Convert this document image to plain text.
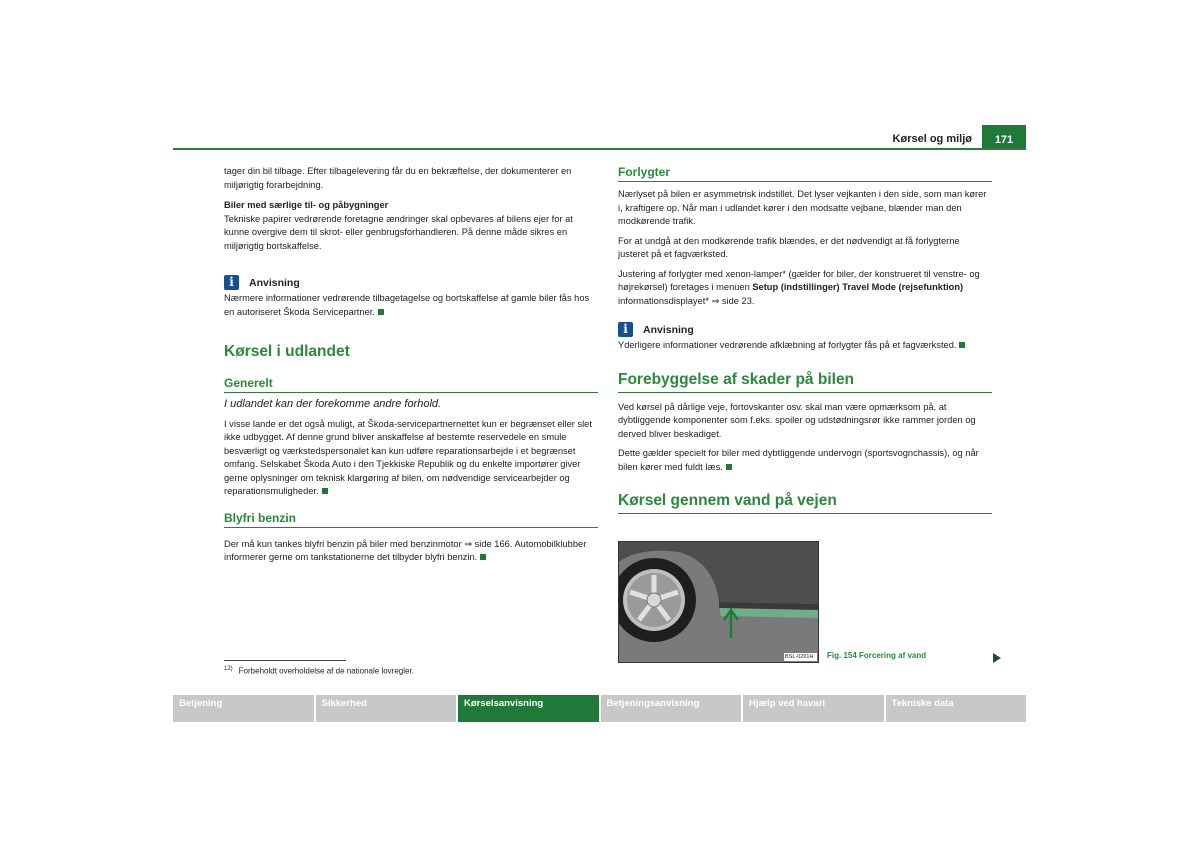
Kørsel og miljø	171

tager din bil tilbage. Efter tilbagelevering får du en bekræftelse, der dokumenterer en miljørigtig forarbejdning.

Biler med særlige til- og påbygninger

Tekniske papirer vedrørende foretagne ændringer skal opbevares af bilens ejer for at kunne overgive dem til skrot- eller genbrugsforhandleren. På denne måde sikres en miljørigtig bortskaffelse.

i	Anvisning

Nærmere informationer vedrørende tilbagetagelse og bortskaffelse af gamle biler fås hos en autoriseret Škoda Servicepartner.

Kørsel i udlandet
Generelt

I udlandet kan der forekomme andre forhold.

I visse lande er det også muligt, at Škoda-servicepartnernettet kun er begrænset eller slet ikke udbygget. Af denne grund bliver anskaffelse af bestemte reservedele en smule besværligt og værkstedspersonalet kan kun udføre reparationsarbejde i et begrænset omfang. Selskabet Škoda Auto i den Tjekkiske Republik og du enkelte importører giver gerne oplysninger om teknisk klargøring af bilen, om nødvendige servicearbejder og reparationsmuligheder.

Blyfri benzin

Der må kun tankes blyfri benzin på biler med benzinmotor ⇒ side 166. Automobilklubber informerer gerne om tankstationerne det tilbyder blyfri benzin.

Forlygter

Nærlyset på bilen er asymmetrisk indstillet. Det lyser vejkanten i den side, som man kører i, kraftigere op. Når man i udlandet kører i den modsatte vejbane, blænder man den modkørende trafik.

For at undgå at den modkørende trafik blændes, er det nødvendigt at få forlygterne justeret på et fagværksted.

Justering af forlygter med xenon-lamper* (gælder for biler, der konstrueret til venstre- og højrekørsel) foretages i menuen Setup (indstillinger) Travel Mode (rejsefunktion) informationsdisplayet* ⇒ side 23.

i	Anvisning

Yderligere informationer vedrørende afklæbning af forlygter fås på et fagværksted.

Forebyggelse af skader på bilen

Ved kørsel på dårlige veje, fortovskanter osv. skal man være opmærksom på, at dybtliggende komponenter som f.eks. spoiler og udstødningsrør ikke rammer jorden og derved bliver beskadiget.

Dette gælder specielt for biler med dybtliggende undervogn (sportsvognchassis), og når bilen kører med fuldt læs.

Kørsel gennem vand på vejen
BSL-0261H Fig. 154 Forcering af vand
$^{12)}$ Forbeholdt overholdelse af de nationale lovregler.
Betjening	Sikkerhed	Kørselsanvisning	Betjeningsanvisning	Hjælp ved havari	Tekniske data
